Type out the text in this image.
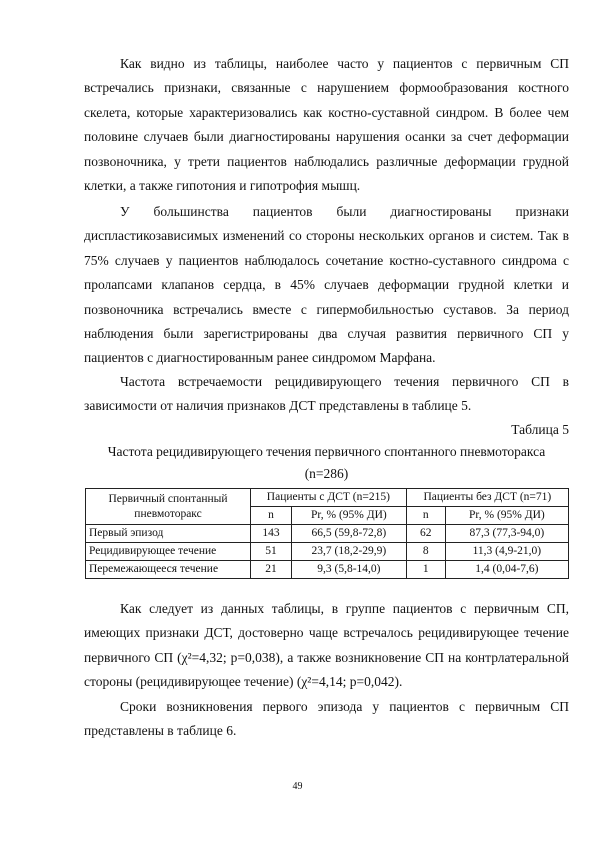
Как видно из таблицы, наиболее часто у пациентов с первичным СП встречались признаки, связанные с нарушением формообразования костного скелета, которые характеризовались как костно-суставной синдром. В более чем половине случаев были диагностированы нарушения осанки за счет деформации позвоночника, у трети пациентов наблюдались различные деформации грудной клетки, а также гипотония и гипотрофия мышц.

У большинства пациентов были диагностированы признаки диспластикозависимых изменений со стороны нескольких органов и систем. Так в 75% случаев у пациентов наблюдалось сочетание костно-суставного синдрома с пролапсами клапанов сердца, в 45% случаев деформации грудной клетки и позвоночника встречались вместе с гипермобильностью суставов. За период наблюдения были зарегистрированы два случая развития первичного СП у пациентов с диагностированным ранее синдромом Марфана.

Частота встречаемости рецидивирующего течения первичного СП в зависимости от наличия признаков ДСТ представлены в таблице 5.

Таблица 5
Частота рецидивирующего течения первичного спонтанного пневмоторакса
(n=286)
Первичный спонтанный пневмоторакс	Пациенты с ДСТ (n=215)		Пациенты без ДСТ (n=71)	
	n	Pr, % (95% ДИ)	n	Pr, % (95% ДИ)
Первый эпизод	143	66,5 (59,8-72,8)	62	87,3 (77,3-94,0)
Рецидивирующее течение	51	23,7 (18,2-29,9)	8	11,3 (4,9-21,0)
Перемежающееся течение	21	9,3 (5,8-14,0)	1	1,4 (0,04-7,6)

Как следует из данных таблицы, в группе пациентов с первичным СП, имеющих признаки ДСТ, достоверно чаще встречалось рецидивирующее течение первичного СП (χ²=4,32; р=0,038), а также возникновение СП на контрлатеральной стороны (рецидивирующее течение) (χ²=4,14; р=0,042).

Сроки возникновения первого эпизода у пациентов с первичным СП представлены в таблице 6.

49
